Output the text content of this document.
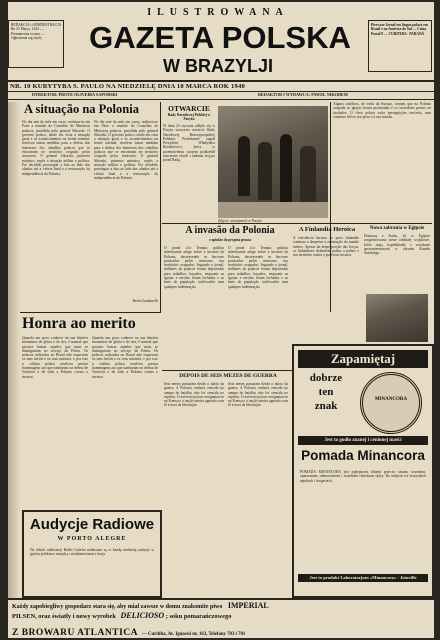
REDAKCJA i ADMINISTRACJA Ru 25 Março, 1442 — Prenumerata roczna — Ogłoszenia wg taryfy
ILUSTROWANA
GAZETA POLSKA
W BRAZYLJI
Pierwsze Jornal em lingua polaca em Brasil e na América do Sul — Caixa Postal 8 — CURITIBA · PARANÁ
NR. 10 KURYTYBA S. PAULO NA NIEDZIELĘ DNIA 10 MARCA ROK 1940
DYREKTOR: PROTE OLIVEIRA SAPORSKI	REDAKTOR I WYDAWCA: PAWEŁ NIKODEM
A situação na Polonia
No dia sete do mês em curso, realizou-se em Paris a reunião do Conselho de Ministros polacos, presidida pelo general Sikorski. O governo polaco, tendo em vista a situação geral e os acontecimentos na frente oriental, resolveu tomar medidas para a defesa dos interesses dos cidadãos polacos que se encontram no território ocupado pelos invasores. O general Sikorski, primeiro ministro, expôs a situação militar e política. Foi decidido prosseguir a luta ao lado dos aliados até a vitória final e a restauração da independência da Polonia.
No dia sete do mês em curso, realizou-se em Paris a reunião do Conselho de Ministros polacos, presidida pelo general Sikorski. O governo polaco, tendo em vista a situação geral e os acontecimentos na frente oriental, resolveu tomar medidas para a defesa dos interesses dos cidadãos polacos que se encontram no território ocupado pelos invasores. O general Sikorski, primeiro ministro, expôs a situação militar e política. Foi decidido prosseguir a luta ao lado dos aliados até a vitória final e a restauração da independência da Polonia.
Bertu Gumbarelli
OTWARCIE
Rady Narodowej Polskiej w Paryżu
W dniu 23 stycznia odbyło się w Paryżu uroczyste otwarcie Rady Narodowej Rzeczypospolitej Polskiej. Posiedzenie zagaił Prezydent Władysław Raczkiewicz, który w przemówieniu swojem podkreślił znaczenie chwili i zadania stojące przed Radą.
Zdjęcie: uroczystość w Paryżu
Alguns católicos, de volta da Europa, contam que na Polonia ocupada as igrejas foram profanadas e os sacerdotes presos ou fuzilados. O clero polaco sofre perseguições terríveis, mas continua fiel ao seu povo e à sua missão.
A invasão da Polonia
e opinião do propria pessoa
O jornal «Le Temps» publica interessante artigo sobre a invasão da Polonia, descrevendo os horrores praticados pelos invasores nos territórios ocupados. Segundo o jornal, milhares de polacos foram deportados para trabalhos forçados, enquanto as igrejas e escolas foram fechadas e os bens da população confiscados sem qualquer indenização.
O jornal «Le Temps» publica interessante artigo sobre a invasão da Polonia, descrevendo os horrores praticados pelos invasores nos territórios ocupados. Segundo o jornal, milhares de polacos foram deportados para trabalhos forçados, enquanto as igrejas e escolas foram fechadas e os bens da população confiscados sem qualquer indenização.
A Finlandia Heroica
A resistência heroica do povo finlandês continua a despertar a admiração do mundo inteiro. Apesar da desproporção das forças, os finlandeses defendem palmo a palmo o seu território contra o poderoso invasor.
Nowa zabrania w Egipcie
Donoszą z Kairu, że w Egipcie zorganizowano nowe oddziały wojskowe, które mają współdziałać z wojskami sprzymierzonymi w obronie Kanału Sueskiego.
Honra ao merito
Quando um povo conhece na sua história momentos de glória e de dor, é natural que procure honrar aqueles que mais se distinguiram no serviço da Pátria. Os polacos radicados no Brasil não esquecem os seus heróis e os seus mártires, e por isso a colônia polaca resolveu prestar homenagem aos que tombaram na defesa de Varsóvia e de toda a Polonia contra o invasor.
Quando um povo conhece na sua história momentos de glória e de dor, é natural que procure honrar aqueles que mais se distinguiram no serviço da Pátria. Os polacos radicados no Brasil não esquecem os seus heróis e os seus mártires, e por isso a colônia polaca resolveu prestar homenagem aos que tombaram na defesa de Varsóvia e de toda a Polonia contra o invasor.	DEPOIS DE SEIS MEZES DE GUERRA
Seis meses passaram desde o início da guerra. A Polonia, embora vencida no campo de batalha, não foi vencida no espírito. O exército polaco reorganiza-se na França e a nação inteira aguarda com fé a hora da libertação.
Seis meses passaram desde o início da guerra. A Polonia, embora vencida no campo de batalha, não foi vencida no espírito. O exército polaco reorganiza-se na França e a nação inteira aguarda com fé a hora da libertação.
Zapamiętaj
dobrze
ten
znak
MINANCORA
Jest to godło znanej i cenionej maści
Pomada Minancora
POMADA MINANCORA jest najlepszym lekiem przeciw ranom, wrzodom, oparzeniom, odmrożeniom i wszelkim chorobom skóry. Do nabycia we wszystkich aptekach i drogeriach.
Jest to produkt Laboratorjum «Minancora» · Joinville
Audycje Radiowe
W PORTO ALEGRE
Na falach radiostacji Rádio Gaúcha nadawane są w każdą niedzielę audycje w języku polskim z muzyką i wiadomościami z kraju.
Każdy zapobiegliwy gospodarz stara się, aby miał zawsze w domu znakomite piwo IMPERIAL
PILSEN, oraz światły i nowy wyrobek DELICIOSO ; soku pomarańczowego
Z BROWARU ATLANTICA — Curitiba, Av. Iguassú nr. 163, Telefony 703 i 701
